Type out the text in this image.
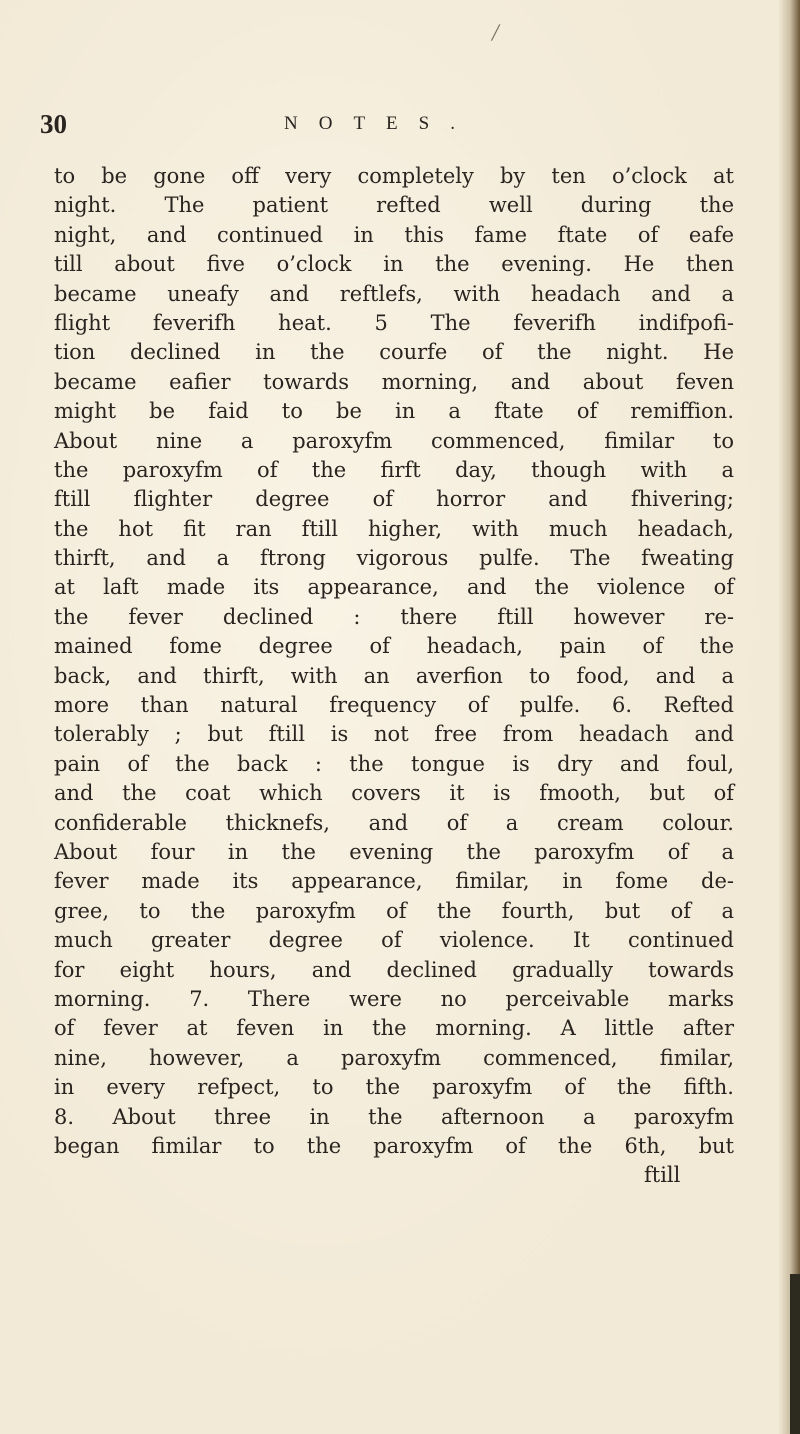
/
30	NOTES.
to be gone off very completely by ten o’clock at
night. The patient refted well during the
night, and continued in this fame ftate of eafe
till about five o’clock in the evening. He then
became uneafy and reftlefs, with headach and a
flight feverifh heat. 5 The feverifh indifpofi-
tion declined in the courfe of the night. He
became eafier towards morning, and about feven
might be faid to be in a ftate of remiffion.
About nine a paroxyfm commenced, fimilar to
the paroxyfm of the firft day, though with a
ftill flighter degree of horror and fhivering;
the hot fit ran ftill higher, with much headach,
thirft, and a ftrong vigorous pulfe. The fweating
at laft made its appearance, and the violence of
the fever declined : there ftill however re-
mained fome degree of headach, pain of the
back, and thirft, with an averfion to food, and a
more than natural frequency of pulfe. 6. Refted
tolerably ; but ftill is not free from headach and
pain of the back : the tongue is dry and foul,
and the coat which covers it is fmooth, but of
confiderable thicknefs, and of a cream colour.
About four in the evening the paroxyfm of a
fever made its appearance, fimilar, in fome de-
gree, to the paroxyfm of the fourth, but of a
much greater degree of violence. It continued
for eight hours, and declined gradually towards
morning. 7. There were no perceivable marks
of fever at feven in the morning. A little after
nine, however, a paroxyfm commenced, fimilar,
in every refpect, to the paroxyfm of the fifth.
8. About three in the afternoon a paroxyfm
began fimilar to the paroxyfm of the 6th, but
ftill
